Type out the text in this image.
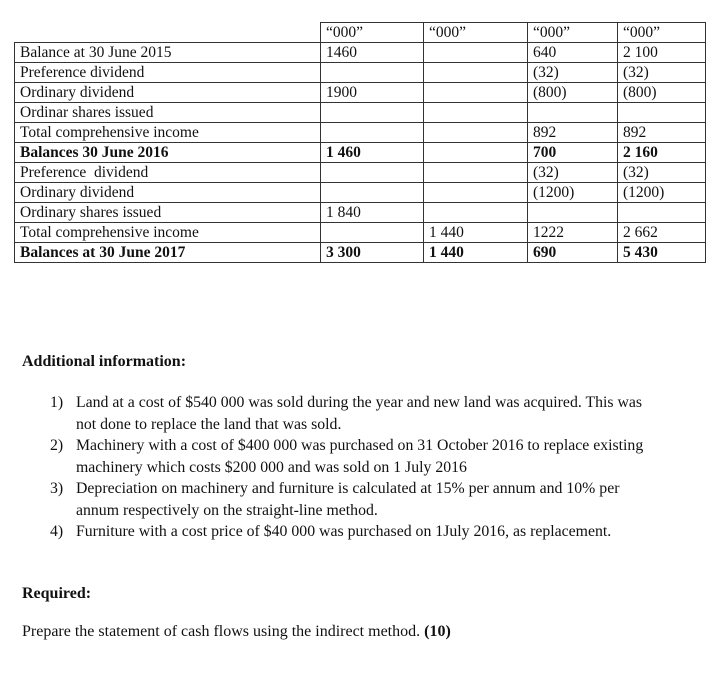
	“000”	“000”	“000”	“000”
Balance at 30 June 2015	1460		640	2 100
Preference dividend			(32)	(32)
Ordinary dividend	1900		(800)	(800)
Ordinar shares issued				
Total comprehensive income			892	892
Balances 30 June 2016	1 460		700	2 160
Preference  dividend			(32)	(32)
Ordinary dividend			(1200)	(1200)
Ordinary shares issued	1 840			
Total comprehensive income		1 440	1222	2 662
Balances at 30 June 2017	3 300	1 440	690	5 430
Additional information:
1) Land at a cost of $540 000 was sold during the year and new land was acquired. This was
not done to replace the land that was sold.
2) Machinery with a cost of $400 000 was purchased on 31 October 2016 to replace existing
machinery which costs $200 000 and was sold on 1 July 2016
3) Depreciation on machinery and furniture is calculated at 15% per annum and 10% per
annum respectively on the straight-line method.
4) Furniture with a cost price of $40 000 was purchased on 1July 2016, as replacement.
Required:
Prepare the statement of cash flows using the indirect method. (10)
